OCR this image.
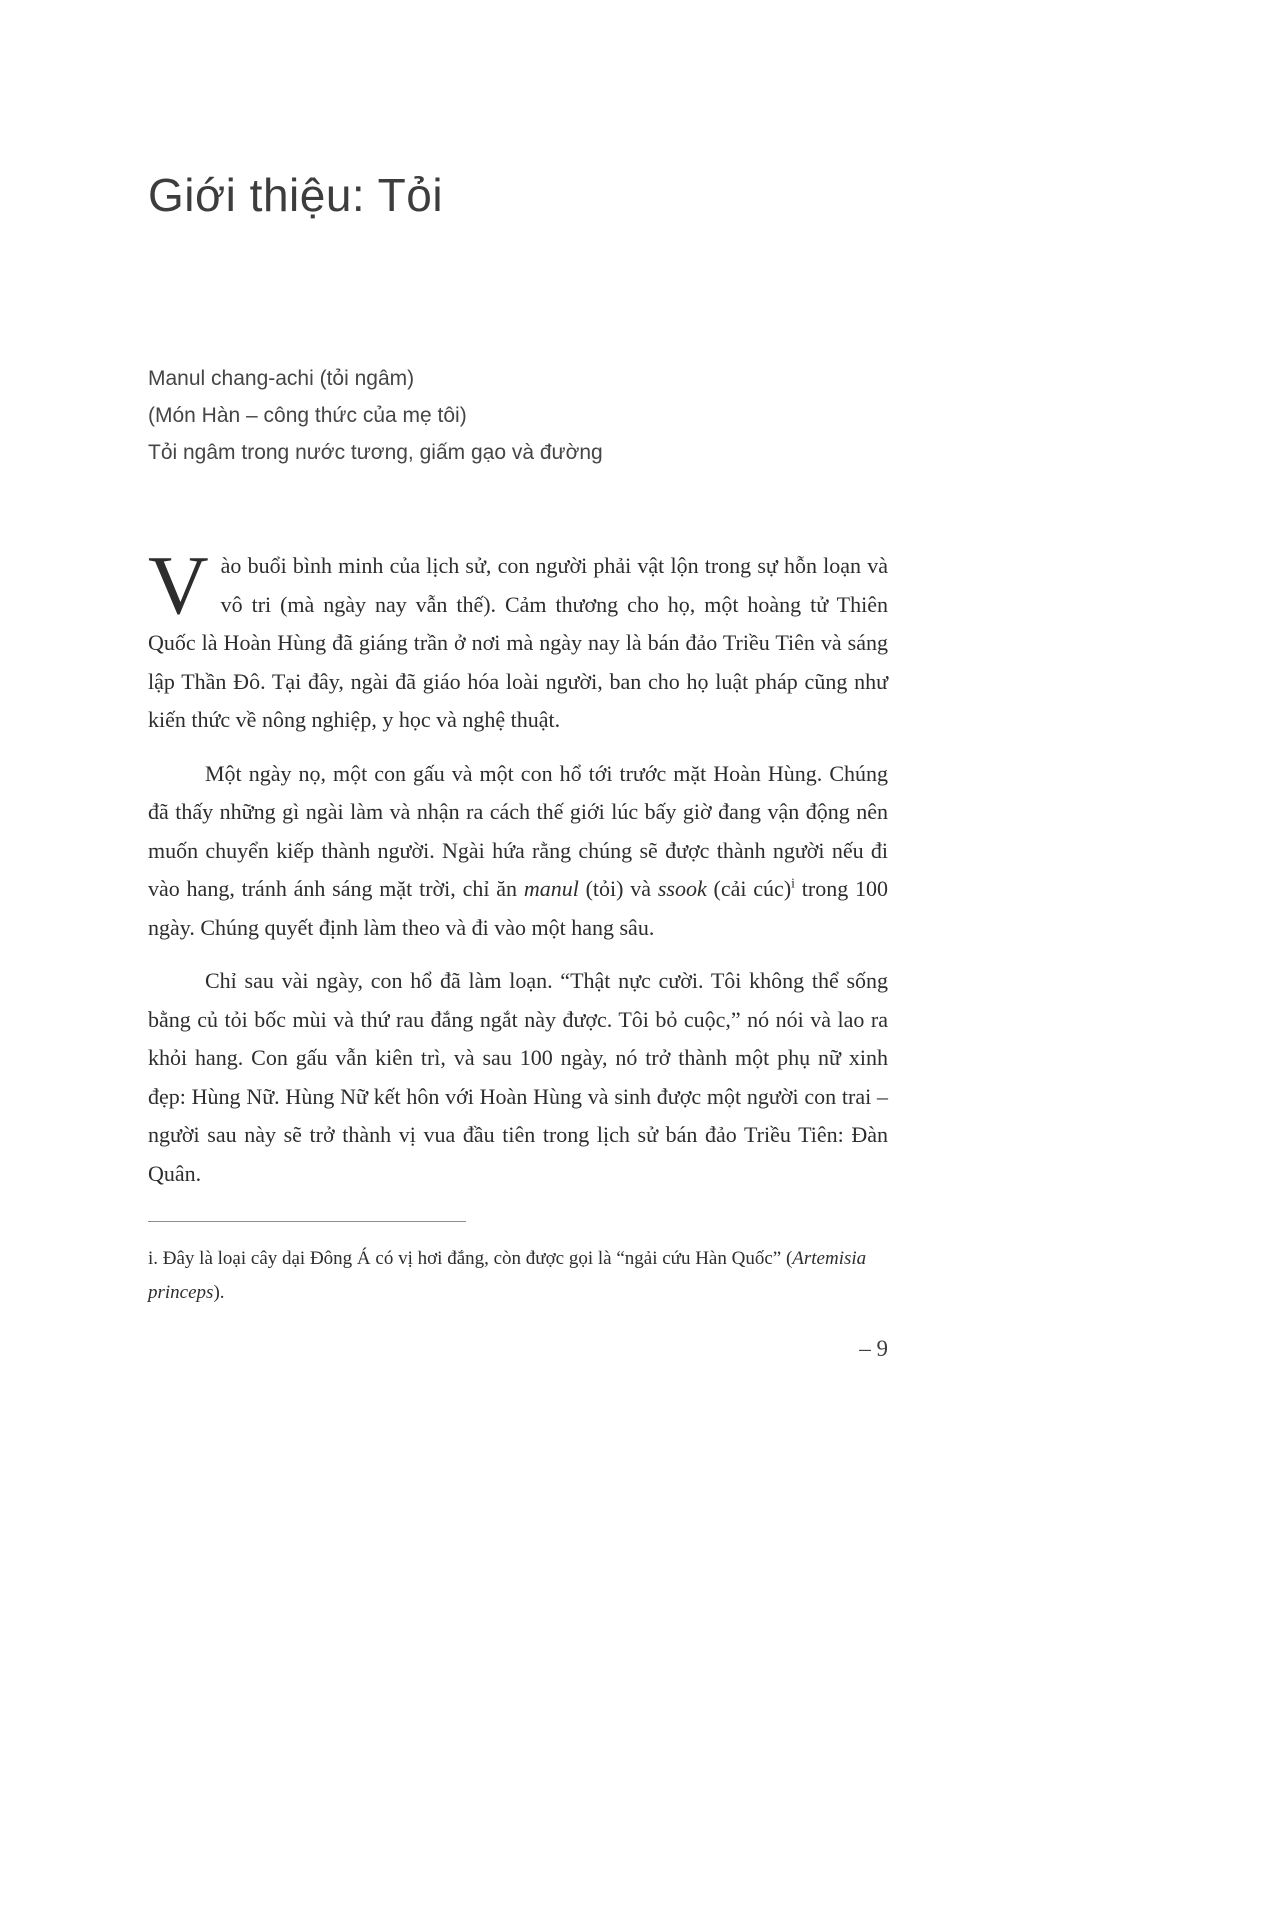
Giới thiệu: Tỏi

Manul chang-achi (tỏi ngâm)

(Món Hàn – công thức của mẹ tôi)

Tỏi ngâm trong nước tương, giấm gạo và đường

Vào buổi bình minh của lịch sử, con người phải vật lộn trong sự hỗn loạn và vô tri (mà ngày nay vẫn thế). Cảm thương cho họ, một hoàng tử Thiên Quốc là Hoàn Hùng đã giáng trần ở nơi mà ngày nay là bán đảo Triều Tiên và sáng lập Thần Đô. Tại đây, ngài đã giáo hóa loài người, ban cho họ luật pháp cũng như kiến thức về nông nghiệp, y học và nghệ thuật.

Một ngày nọ, một con gấu và một con hổ tới trước mặt Hoàn Hùng. Chúng đã thấy những gì ngài làm và nhận ra cách thế giới lúc bấy giờ đang vận động nên muốn chuyển kiếp thành người. Ngài hứa rằng chúng sẽ được thành người nếu đi vào hang, tránh ánh sáng mặt trời, chỉ ăn manul (tỏi) và ssook (cải cúc)$^i$ trong 100 ngày. Chúng quyết định làm theo và đi vào một hang sâu.

Chỉ sau vài ngày, con hổ đã làm loạn. “Thật nực cười. Tôi không thể sống bằng củ tỏi bốc mùi và thứ rau đắng ngắt này được. Tôi bỏ cuộc,” nó nói và lao ra khỏi hang. Con gấu vẫn kiên trì, và sau 100 ngày, nó trở thành một phụ nữ xinh đẹp: Hùng Nữ. Hùng Nữ kết hôn với Hoàn Hùng và sinh được một người con trai – người sau này sẽ trở thành vị vua đầu tiên trong lịch sử bán đảo Triều Tiên: Đàn Quân.

i. Đây là loại cây dại Đông Á có vị hơi đắng, còn được gọi là “ngải cứu Hàn Quốc” (Artemisia princeps).

– 9
